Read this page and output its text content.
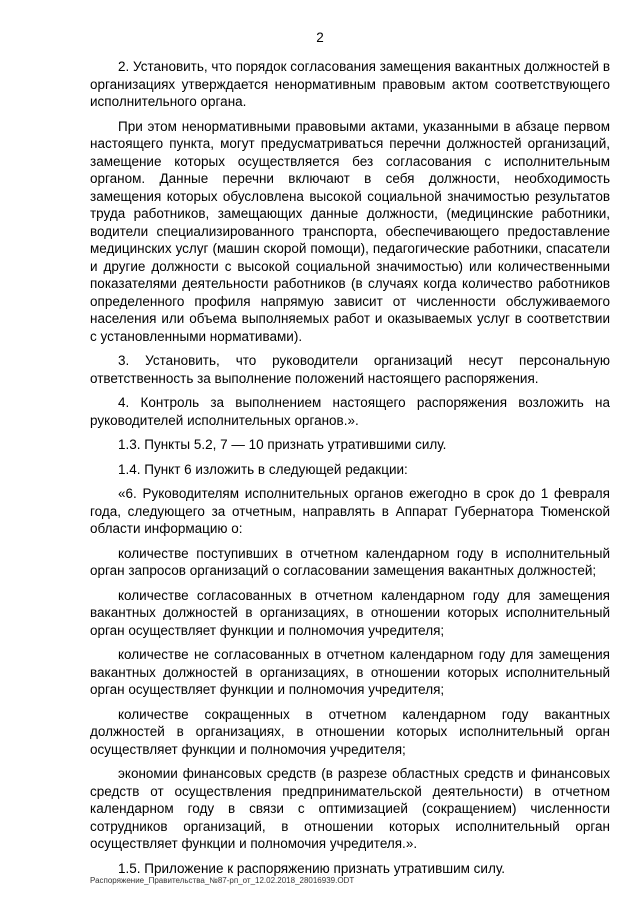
2

2. Установить, что порядок согласования замещения вакантных должностей в организациях утверждается ненормативным правовым актом соответствующего исполнительного органа.

При этом ненормативными правовыми актами, указанными в абзаце первом настоящего пункта, могут предусматриваться перечни должностей организаций, замещение которых осуществляется без согласования с исполнительным органом. Данные перечни включают в себя должности, необходимость замещения которых обусловлена высокой социальной значимостью результатов труда работников, замещающих данные должности, (медицинские работники, водители специализированного транспорта, обеспечивающего предоставление медицинских услуг (машин скорой помощи), педагогические работники, спасатели и другие должности с высокой социальной значимостью) или количественными показателями деятельности работников (в случаях когда количество работников определенного профиля напрямую зависит от численности обслуживаемого населения или объема выполняемых работ и оказываемых услуг в соответствии с установленными нормативами).

3. Установить, что руководители организаций несут персональную ответственность за выполнение положений настоящего распоряжения.

4. Контроль за выполнением настоящего распоряжения возложить на руководителей исполнительных органов.».

1.3. Пункты 5.2, 7 — 10 признать утратившими силу.

1.4. Пункт 6 изложить в следующей редакции:

«6. Руководителям исполнительных органов ежегодно в срок до 1 февраля года, следующего за отчетным, направлять в Аппарат Губернатора Тюменской области информацию о:

количестве поступивших в отчетном календарном году в исполнительный орган запросов организаций о согласовании замещения вакантных должностей;

количестве согласованных в отчетном календарном году для замещения вакантных должностей в организациях, в отношении которых исполнительный орган осуществляет функции и полномочия учредителя;

количестве не согласованных в отчетном календарном году для замещения вакантных должностей в организациях, в отношении которых исполнительный орган осуществляет функции и полномочия учредителя;

количестве сокращенных в отчетном календарном году вакантных должностей в организациях, в отношении которых исполнительный орган осуществляет функции и полномочия учредителя;

экономии финансовых средств (в разрезе областных средств и финансовых средств от осуществления предпринимательской деятельности) в отчетном календарном году в связи с оптимизацией (сокращением) численности сотрудников организаций, в отношении которых исполнительный орган осуществляет функции и полномочия учредителя.».

1.5. Приложение к распоряжению признать утратившим силу.

Распоряжение_Правительства_№87-рп_от_12.02.2018_28016939.ODT
